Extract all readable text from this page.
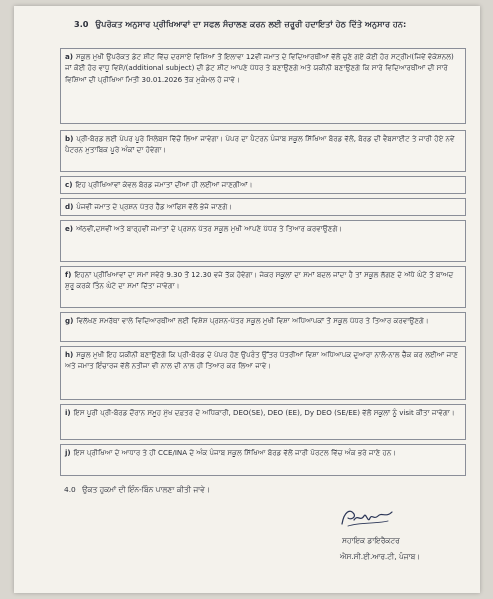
3.0 ਉਪਰੋਕਤ ਅਨੁਸਾਰ ਪ੍ਰੀਖਿਆਵਾਂ ਦਾ ਸਫਲ ਸੰਚਾਲਣ ਕਰਨ ਲਈ ਜ਼ਰੂਰੀ ਹਦਾਇਤਾਂ ਹੇਠ ਦਿੱਤੇ ਅਨੁਸਾਰ ਹਨ:

a) ਸਕੂਲ ਮੁਖੀ ਉਪਰੋਕਤ ਡੇਟ ਸ਼ੀਟ ਵਿੱਚ ਦਰਸਾਏ ਵਿਸ਼ਿਆਂ ਤੋਂ ਇਲਾਵਾ 12ਵੀਂ ਜਮਾਤ ਦੇ ਵਿਦਿਆਰਥੀਆਂ ਵੱਲੋਂ ਚੁਣੇ ਗਏ ਕੋਈ ਹੋਰ ਸਟ੍ਰੀਮ(ਜਿਵੇਂ ਵੋਕੇਸ਼ਨਲ) ਜਾਂ ਕੋਈ ਹੋਰ ਵਾਧੂ ਵਿਸ਼ੇ/(additional subject) ਦੀ ਡੇਟ ਸ਼ੀਟ ਆਪਣੇ ਪੱਧਰ ਤੇ ਬਣਾਉਣਗੇ ਅਤੇ ਯਕੀਨੀ ਬਣਾਉਣਗੇ ਕਿ ਸਾਰੇ ਵਿਦਿਆਰਥੀਆਂ ਦੀ ਸਾਰੇ ਵਿਸ਼ਿਆਂ ਦੀ ਪ੍ਰੀਖਿਆ ਮਿਤੀ 30.01.2026 ਤੱਕ ਮੁਕੰਮਲ ਹੋ ਜਾਵੇ।

b) ਪ੍ਰੀ-ਬੋਰਡ ਲਈ ਪੇਪਰ ਪੂਰੇ ਸਿਲੇਬਸ ਵਿੱਚੋਂ ਲਿਆ ਜਾਵੇਗਾ। ਪੇਪਰ ਦਾ ਪੈਟਰਨ ਪੰਜਾਬ ਸਕੂਲ ਸਿੱਖਿਆ ਬੋਰਡ ਵੱਲੋਂ, ਬੋਰਡ ਦੀ ਵੈਬਸਾਈਟ ਤੇ ਜਾਰੀ ਹੋਏ ਨਵੇਂ ਪੈਟਰਨ ਮੁਤਾਬਿਕ ਪੂਰੇ ਅੰਕਾਂ ਦਾ ਹੋਵੇਗਾ।

c) ਇਹ ਪ੍ਰੀਖਿਆਵਾਂ ਕੇਵਲ ਬੋਰਡ ਜਮਾਤਾਂ ਦੀਆਂ ਹੀ ਲਈਆਂ ਜਾਣਗੀਆਂ।

d) ਪੰਜਵੀਂ ਜਮਾਤ ਦੇ ਪ੍ਰਸ਼ਨ ਪੱਤਰ ਹੈੱਡ ਆਫਿਸ ਵੱਲੋਂ ਭੇਜੇ ਜਾਣਗੇ।

e) ਅੱਠਵੀਂ,ਦਸਵੀਂ ਅਤੇ ਬਾਰ੍ਹਵੀਂ ਜਮਾਤਾਂ ਦੇ ਪ੍ਰਸ਼ਨ ਪੱਤਰ ਸਕੂਲ ਮੁਖੀ ਆਪਣੇ ਪੱਧਰ ਤੇ ਤਿਆਰ ਕਰਵਾਉਣਗੇ।

f) ਇਹਨਾਂ ਪ੍ਰੀਖਿਆਵਾਂ ਦਾ ਸਮਾਂ ਸਵੇਰੇ 9.30 ਤੋਂ 12.30 ਵਜੇ ਤੱਕ ਹੋਵੇਗਾ। ਜੇਕਰ ਸਕੂਲਾਂ ਦਾ ਸਮਾਂ ਬਦਲ ਜਾਂਦਾ ਹੈ ਤਾਂ ਸਕੂਲ ਲੱਗਣ ਦੇ ਅੱਧੇ ਘੰਟੇ ਤੋਂ ਬਾਅਦ ਸ਼ੁਰੂ ਕਰਕੇ ਤਿੰਨ ਘੰਟੇ ਦਾ ਸਮਾਂ ਦਿੱਤਾ ਜਾਵੇਗਾ।

g) ਵਿਲੱਖਣ ਸਮਰੱਥਾ ਵਾਲੇ ਵਿਦਿਆਰਥੀਆਂ ਲਈ ਵਿਸ਼ੇਸ਼ ਪ੍ਰਸ਼ਨ-ਪੱਤਰ ਸਕੂਲ ਮੁਖੀ ਵਿਸ਼ਾ ਅਧਿਆਪਕਾਂ ਤੋਂ ਸਕੂਲ ਪੱਧਰ ਤੇ ਤਿਆਰ ਕਰਵਾਉਣਗੇ।

h) ਸਕੂਲ ਮੁਖੀ ਇਹ ਯਕੀਨੀ ਬਣਾਉਣਗੇ ਕਿ ਪ੍ਰੀ-ਬੋਰਡ ਦੇ ਪੇਪਰ ਹੋਣ ਉਪਰੰਤ ਉੱਤਰ ਪੱਤਰੀਆਂ ਵਿਸ਼ਾ ਅਧਿਆਪਕ ਦੁਆਰਾ ਨਾਲੋ-ਨਾਲ ਚੈੱਕ ਕਰ ਲਈਆਂ ਜਾਣ ਅਤੇ ਜਮਾਤ ਇੰਚਾਰਜ ਵੱਲੋਂ ਨਤੀਜਾ ਵੀ ਨਾਲ ਦੀ ਨਾਲ ਹੀ ਤਿਆਰ ਕਰ ਲਿਆ ਜਾਵੇ।

i) ਇਸ ਪੂਰੀ ਪ੍ਰੀ-ਬੋਰਡ ਦੌਰਾਨ ਸਮੂਹ ਮੁੱਖ ਦਫ਼ਤਰ ਦੇ ਅਧਿਕਾਰੀ, DEO(SE), DEO (EE), Dy DEO (SE/EE) ਵੱਲੋਂ ਸਕੂਲਾਂ ਨੂੰ visit ਕੀਤਾ ਜਾਵੇਗਾ।

j) ਇਸ ਪ੍ਰੀਖਿਆ ਦੇ ਆਧਾਰ ਤੇ ਹੀ CCE/INA ਦੇ ਅੰਕ ਪੰਜਾਬ ਸਕੂਲ ਸਿੱਖਿਆ ਬੋਰਡ ਵੱਲੋਂ ਜਾਰੀ ਪੋਰਟਲ ਵਿੱਚ ਅੰਕ ਭਰੇ ਜਾਣੇ ਹਨ।

4.0 ਉਕਤ ਹੁਕਮਾਂ ਦੀ ਇੰਨ-ਬਿੰਨ ਪਾਲਣਾ ਕੀਤੀ ਜਾਵੇ।
ਸਹਾਇਕ ਡਾਇਰੈਕਟਰ
ਐਸ.ਸੀ.ਈ.ਆਰ.ਟੀ, ਪੰਜਾਬ।
